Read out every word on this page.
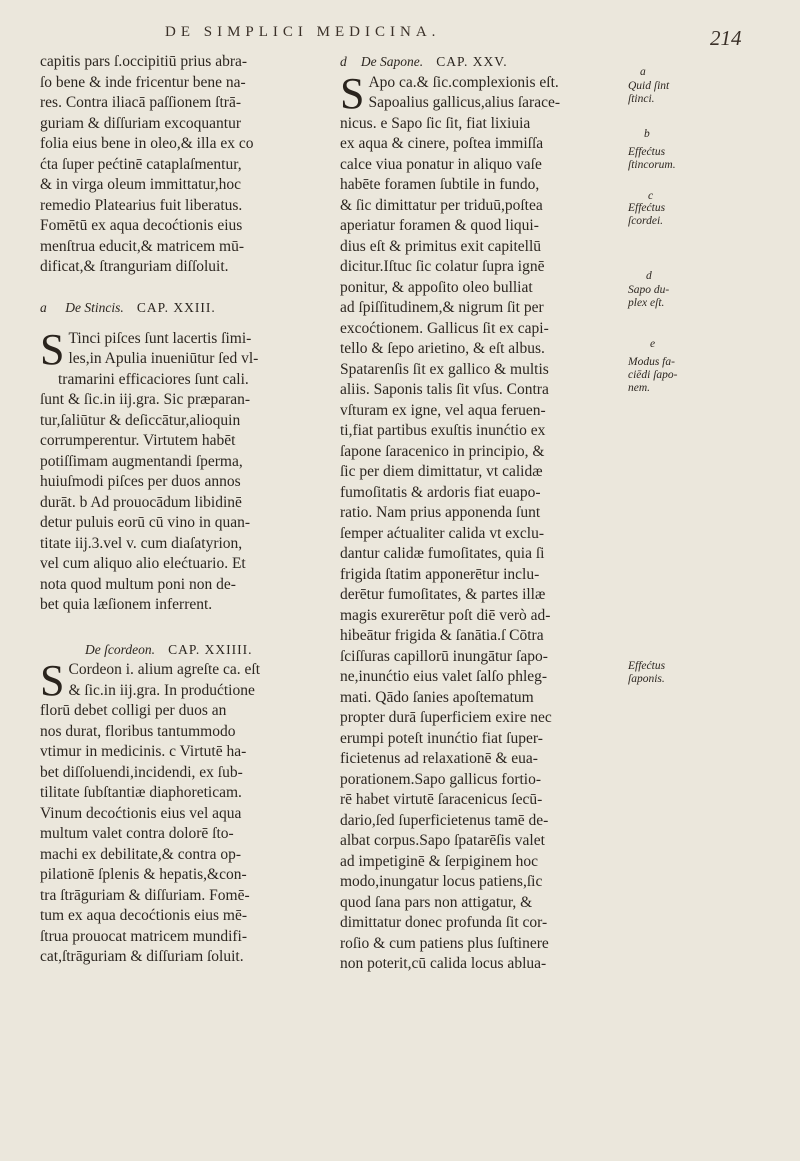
DE SIMPLICI MEDICINA.	214
capitis pars ſ.occipitiū prius abra-
ſo bene & inde fricentur bene na-
res. Contra iliacā paſſionem ſtrā-
guriam & diſſuriam excoquantur
folia eius bene in oleo,& illa ex co
ćta ſuper pećtinē cataplaſmentur,
& in virga oleum immittatur,hoc
remedio Platearius fuit liberatus.
Fomētū ex aqua decoćtionis eius
menſtrua educit,& matricem mū-
dificat,& ſtranguriam diſſoluit.
a De Stincis. CAP. XXIII.
S Tinci piſces ſunt lacertis ſimi-
les,in Apulia inueniūtur ſed vl-
tramarini efficaciores ſunt cali.
ſunt & ſic.in iij.gra. Sic præparan-
tur,ſaliūtur & deſiccātur,alioquin
corrumperentur. Virtutem habēt
potiſſimam augmentandi ſperma,
huiuſmodi piſces per duos annos
durāt. b Ad prouocādum libidinē
detur puluis eorū cū vino in quan-
titate iij.3.vel v. cum diaſatyrion,
vel cum aliquo alio elećtuario. Et
nota quod multum poni non de-
bet quia læſionem inferrent.
De ſcordeon. CAP. XXIIII.
S Cordeon i. alium agreſte ca. eſt
& ſic.in iij.gra. In produćtione
florū debet colligi per duos an
nos durat, floribus tantummodo
vtimur in medicinis. c Virtutē ha-
bet diſſoluendi,incidendi, ex ſub-
tilitate ſubſtantiæ diaphoreticam.
Vinum decoćtionis eius vel aqua
multum valet contra dolorē ſto-
machi ex debilitate,& contra op-
pilationē ſplenis & hepatis,&con-
tra ſtrāguriam & diſſuriam. Fomē-
tum ex aqua decoćtionis eius mē-
ſtrua prouocat matricem mundifi-
cat,ſtrāguriam & diſſuriam ſoluit.
d De Sapone. CAP. XXV.
S Apo ca.& ſic.complexionis eſt.
Sapoalius gallicus,alius ſarace-
nicus. e Sapo ſic ſit, fiat lixiuia
ex aqua & cinere, poſtea immiſſa
calce viua ponatur in aliquo vaſe
habēte foramen ſubtile in fundo,
& ſic dimittatur per triduū,poſtea
aperiatur foramen & quod liqui-
dius eſt & primitus exit capitellū
dicitur.Iſtuc ſic colatur ſupra ignē
ponitur, & appoſito oleo bulliat
ad ſpiſſitudinem,& nigrum ſit per
excoćtionem. Gallicus ſit ex capi-
tello & ſepo arietino, & eſt albus.
Spatarenſis ſit ex gallico & multis
aliis. Saponis talis ſit vſus. Contra
vſturam ex igne, vel aqua feruen-
ti,fiat partibus exuſtis inunćtio ex
ſapone ſaracenico in principio, &
ſic per diem dimittatur, vt calidæ
fumoſitatis & ardoris fiat euapo-
ratio. Nam prius apponenda ſunt
ſemper aćtualiter calida vt exclu-
dantur calidæ fumoſitates, quia ſi
frigida ſtatim apponerētur inclu-
derētur fumoſitates, & partes illæ
magis exurerētur poſt diē verò ad-
hibeātur frigida & ſanātia.ſ Cōtra
ſciſſuras capillorū inungātur ſapo-
ne,inunćtio eius valet ſalſo phleg-
mati. Qādo ſanies apoſtematum
propter durā ſuperficiem exire nec
erumpi poteſt inunćtio fiat ſuper-
ficietenus ad relaxationē & eua-
porationem.Sapo gallicus fortio-
rē habet virtutē ſaracenicus ſecū-
dario,ſed ſuperficietenus tamē de-
albat corpus.Sapo ſpatarēſis valet
ad impetiginē & ſerpiginem hoc
modo,inungatur locus patiens,ſic
quod ſana pars non attigatur, &
dimittatur donec profunda ſit cor-
roſio & cum patiens plus ſuſtinere
non poterit,cū calida locus ablua-
a
Quid ſint
ſtinci.
b
Effećtus
ſtincorum.
c
Effećtus
ſcordei.
d
Sapo du-
plex eſt.
Modus fa-
ciēdi ſapo-
nem.
e
Effećtus
ſaponis.
